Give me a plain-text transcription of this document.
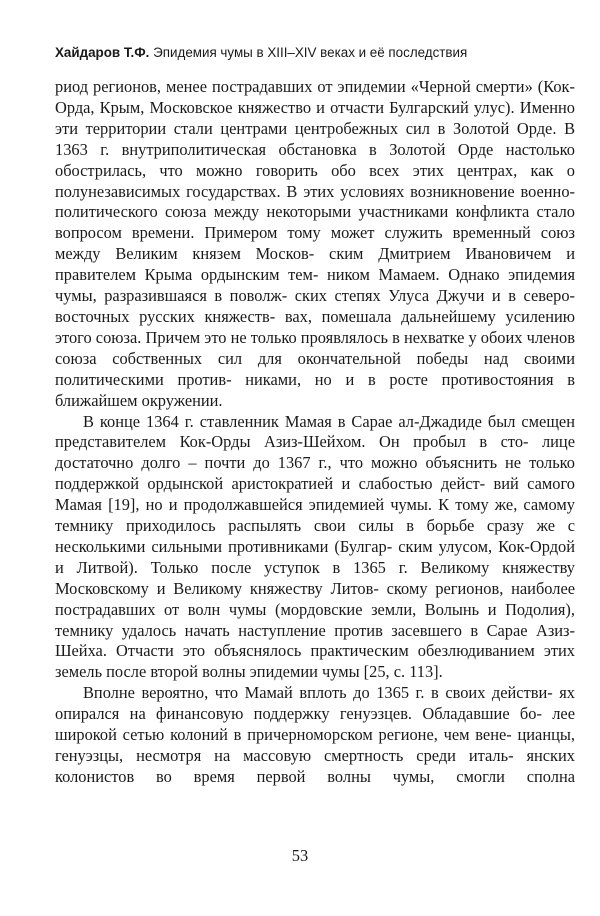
Хайдаров Т.Ф. Эпидемия чумы в XIII–XIV веках и её последствия

риод регионов, менее пострадавших от эпидемии «Черной смерти» (Кок-Орда, Крым, Московское княжество и отчасти Булгарский улус). Именно эти территории стали центрами центробежных сил в Золотой Орде. В 1363 г. внутриполитическая обстановка в Золотой Орде настолько обострилась, что можно говорить обо всех этих центрах, как о полунезависимых государствах. В этих условиях возникновение военно-политического союза между некоторыми участниками конфликта стало вопросом времени. Примером тому может служить временный союз между Великим князем Москов- ским Дмитрием Ивановичем и правителем Крыма ордынским тем- ником Мамаем. Однако эпидемия чумы, разразившаяся в поволж- ских степях Улуса Джучи и в северо-восточных русских княжеств- вах, помешала дальнейшему усилению этого союза. Причем это не только проявлялось в нехватке у обоих членов союза собственных сил для окончательной победы над своими политическими против- никами, но и в росте противостояния в ближайшем окружении.

В конце 1364 г. ставленник Мамая в Сарае ал-Джадиде был смещен представителем Кок-Орды Азиз-Шейхом. Он пробыл в сто- лице достаточно долго – почти до 1367 г., что можно объяснить не только поддержкой ордынской аристократией и слабостью дейст- вий самого Мамая [19], но и продолжавшейся эпидемией чумы. К тому же, самому темнику приходилось распылять свои силы в борьбе сразу же с несколькими сильными противниками (Булгар- ским улусом, Кок-Ордой и Литвой). Только после уступок в 1365 г. Великому княжеству Московскому и Великому княжеству Литов- скому регионов, наиболее пострадавших от волн чумы (мордовские земли, Волынь и Подолия), темнику удалось начать наступление против засевшего в Сарае Азиз-Шейха. Отчасти это объяснялось практическим обезлюдиванием этих земель после второй волны эпидемии чумы [25, с. 113].

Вполне вероятно, что Мамай вплоть до 1365 г. в своих действи- ях опирался на финансовую поддержку генуэзцев. Обладавшие бо- лее широкой сетью колоний в причерноморском регионе, чем вене- цианцы, генуэзцы, несмотря на массовую смертность среди италь- янских колонистов во время первой волны чумы, смогли сполна

53
